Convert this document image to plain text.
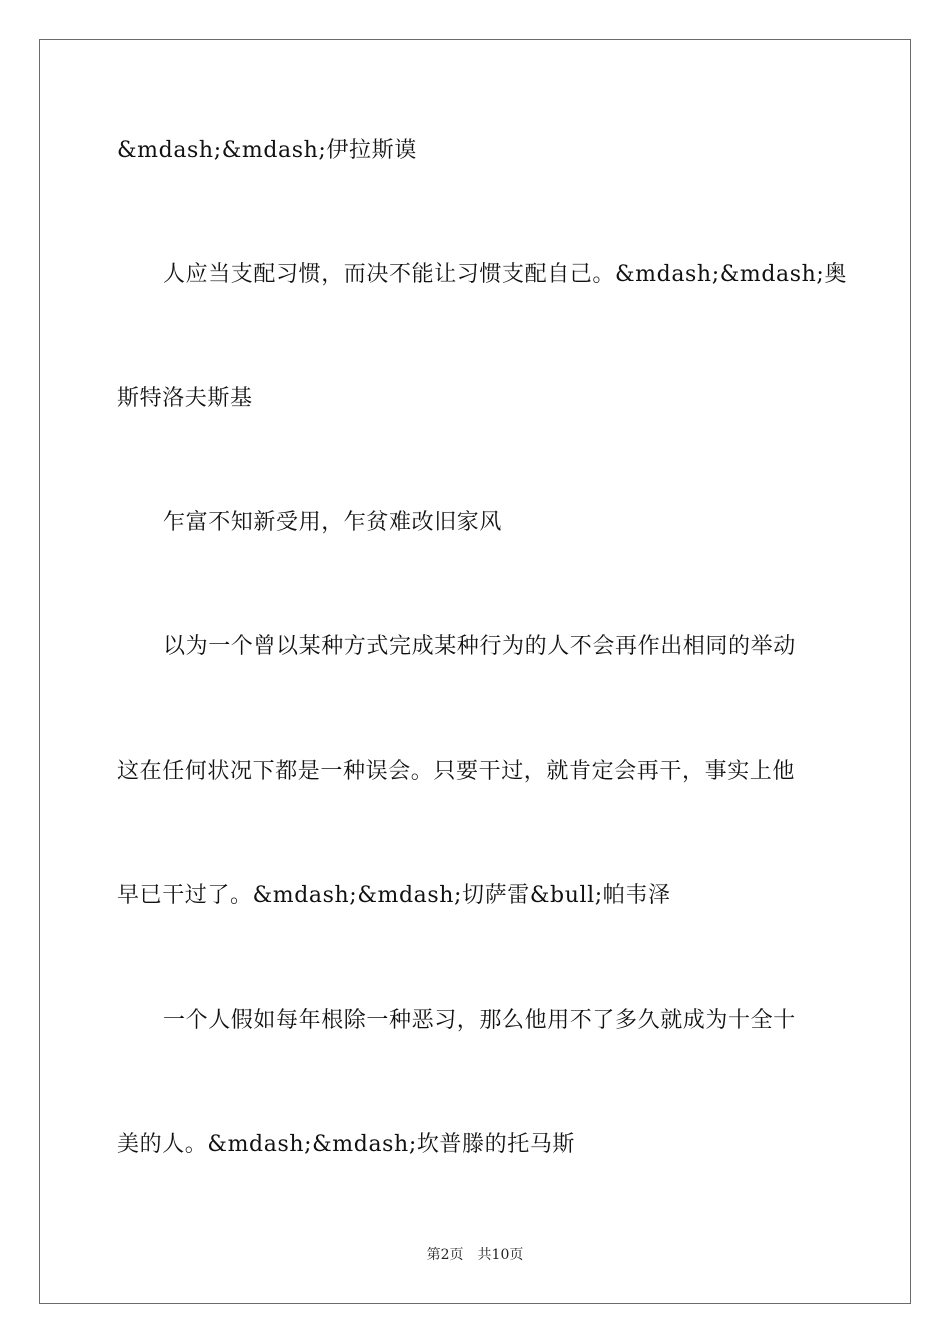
&mdash;&mdash;伊拉斯谟
人应当支配习惯，而决不能让习惯支配自己。&mdash;&mdash;奥
斯特洛夫斯基
乍富不知新受用，乍贫难改旧家风
以为一个曾以某种方式完成某种行为的人不会再作出相同的举动
这在任何状况下都是一种误会。只要干过，就肯定会再干，事实上他
早已干过了。&mdash;&mdash;切萨雷&bull;帕韦泽
一个人假如每年根除一种恶习，那么他用不了多久就成为十全十
美的人。&mdash;&mdash;坎普滕的托马斯
第2页 共10页
